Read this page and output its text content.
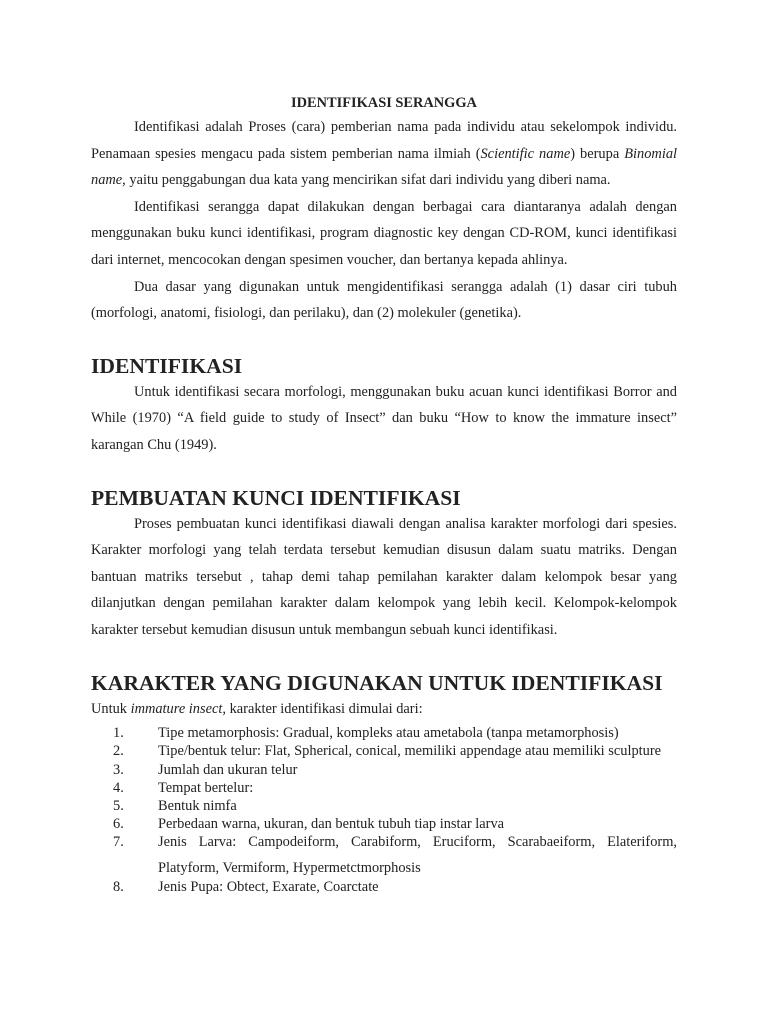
IDENTIFIKASI SERANGGA

Identifikasi adalah Proses (cara) pemberian nama pada individu atau sekelompok individu. Penamaan spesies mengacu pada sistem pemberian nama ilmiah (Scientific name) berupa Binomial name, yaitu penggabungan dua kata yang mencirikan sifat dari individu yang diberi nama.

Identifikasi serangga dapat dilakukan dengan berbagai cara diantaranya adalah dengan menggunakan buku kunci identifikasi, program diagnostic key dengan CD-ROM, kunci identifikasi dari internet, mencocokan dengan spesimen voucher, dan bertanya kepada ahlinya.

Dua dasar yang digunakan untuk mengidentifikasi serangga adalah (1) dasar ciri tubuh (morfologi, anatomi, fisiologi, dan perilaku), dan (2) molekuler (genetika).

IDENTIFIKASI

Untuk identifikasi secara morfologi, menggunakan buku acuan kunci identifikasi Borror and While (1970) “A field guide to study of Insect” dan buku “How to know the immature insect” karangan Chu (1949).

PEMBUATAN KUNCI IDENTIFIKASI

Proses pembuatan kunci identifikasi diawali dengan analisa karakter morfologi dari spesies. Karakter morfologi yang telah terdata tersebut kemudian disusun dalam suatu matriks. Dengan bantuan matriks tersebut , tahap demi tahap pemilahan karakter dalam kelompok besar yang dilanjutkan dengan pemilahan karakter dalam kelompok yang lebih kecil. Kelompok-kelompok karakter tersebut kemudian disusun untuk membangun sebuah kunci identifikasi.

KARAKTER YANG DIGUNAKAN UNTUK IDENTIFIKASI

Untuk immature insect, karakter identifikasi dimulai dari:

1.	Tipe metamorphosis: Gradual, kompleks atau ametabola (tanpa metamorphosis)
2.	Tipe/bentuk telur: Flat, Spherical, conical, memiliki appendage atau memiliki sculpture
3.	Jumlah dan ukuran telur
4.	Tempat bertelur:
5.	Bentuk nimfa
6.	Perbedaan warna, ukuran, dan bentuk tubuh tiap instar larva
7.	Jenis Larva: Campodeiform, Carabiform, Eruciform, Scarabaeiform, Elateriform, Platyform, Vermiform, Hypermetctmorphosis
8.	Jenis Pupa: Obtect, Exarate, Coarctate
